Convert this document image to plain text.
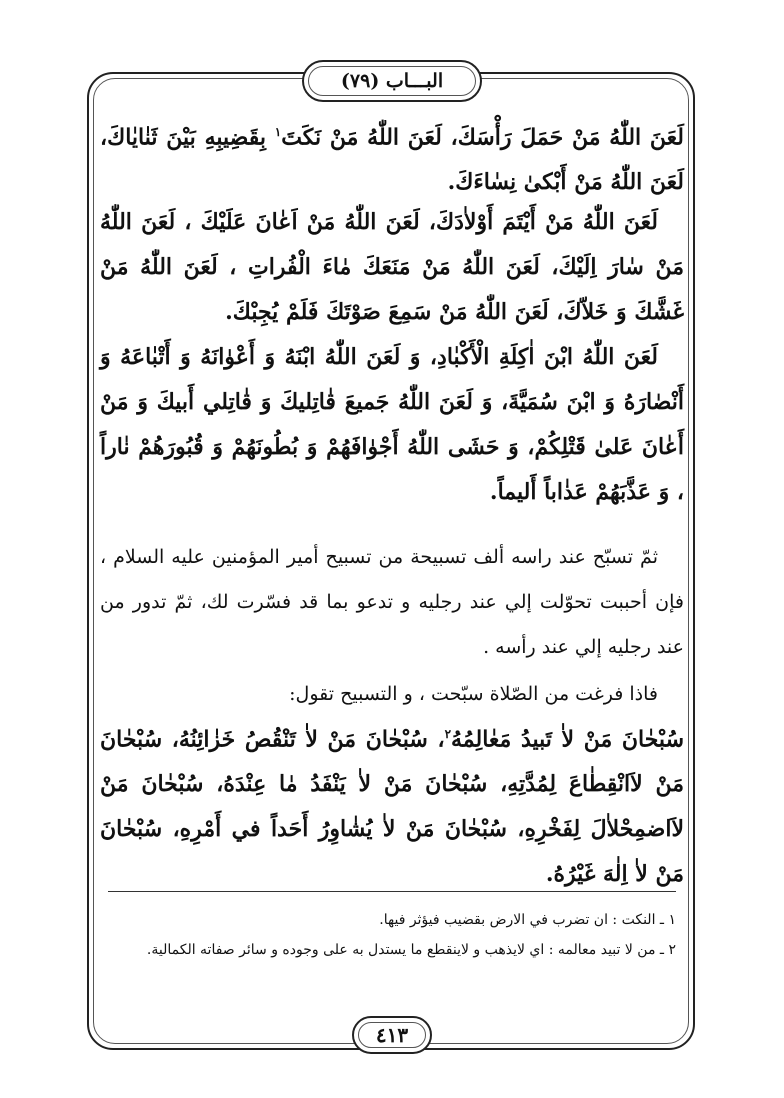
البـــاب (٧٩)

لَعَنَ اللّٰهُ مَنْ حَمَلَ رَأْسَكَ، لَعَنَ اللّٰهُ مَنْ نَكَتَ$^١$ بِقَضِيبِهِ بَيْنَ ثَنٰايٰاكَ، لَعَنَ اللّٰهُ مَنْ أَبْكىٰ نِسٰاءَكَ.

لَعَنَ اللّٰهُ مَنْ أَيْتَمَ أَوْلاٰدَكَ، لَعَنَ اللّٰهُ مَنْ اَعٰانَ عَلَيْكَ ، لَعَنَ اللّٰهُ مَنْ سٰارَ اِلَيْكَ، لَعَنَ اللّٰهُ مَنْ مَنَعَكَ مٰاءَ الْفُراتِ ، لَعَنَ اللّٰهُ مَنْ غَشَّكَ وَ خَلاّكَ، لَعَنَ اللّٰهُ مَنْ سَمِعَ صَوْتَكَ فَلَمْ يُجِبْكَ.

لَعَنَ اللّٰهُ ابْنَ اٰكِلَةِ الْأَكْبٰادِ، وَ لَعَنَ اللّٰهُ ابْنَهُ وَ أَعْوٰانَهُ وَ أَتْبٰاعَهُ وَ أَنْصٰارَهُ وَ ابْنَ سُمَيَّةَ، وَ لَعَنَ اللّٰهُ جَميعَ قٰاتِليكَ وَ قٰاتِلي أَبيكَ وَ مَنْ أَعٰانَ عَلىٰ قَتْلِكُمْ، وَ حَشَى اللّٰهُ أَجْوٰافَهُمْ وَ بُطُونَهُمْ وَ قُبُورَهُمْ نٰاراً ، وَ عَذَّبَهُمْ عَذٰاباً أَليماً.

ثمّ تسبّح عند راسه ألف تسبيحة من تسبيح أمير المؤمنين عليه السلام ، فإن أحببت تحوّلت إلي عند رجليه و تدعو بما قد فسّرت لك، ثمّ تدور من عند رجليه إلي عند رأسه .

فاذا فرغت من الصّلاة سبّحت ، و التسبيح تقول:

سُبْحٰانَ مَنْ لاٰ تَبيدُ مَعٰالِمُهُ$^٢$، سُبْحٰانَ مَنْ لاٰ تَنْقُصُ خَزٰائِنُهُ، سُبْحٰانَ مَنْ لاَانْقِطٰاعَ لِمُدَّتِهِ، سُبْحٰانَ مَنْ لاٰ يَنْفَدُ مٰا عِنْدَهُ، سُبْحٰانَ مَنْ لاَاضمِحْلاٰلَ لِفَخْرِهِ، سُبْحٰانَ مَنْ لاٰ يُشٰاوِرُ أَحَداً في أَمْرِهِ، سُبْحٰانَ مَنْ لاٰ اِلٰهَ غَيْرُهُ.

١ ـ النكت : ان تضرب في الارض بقضيب فيؤثر فيها.

٢ ـ من لا تبيد معالمه : اي لايذهب و لاينقطع ما يستدل به على وجوده و سائر صفاته الكمالية.

٤١٣
